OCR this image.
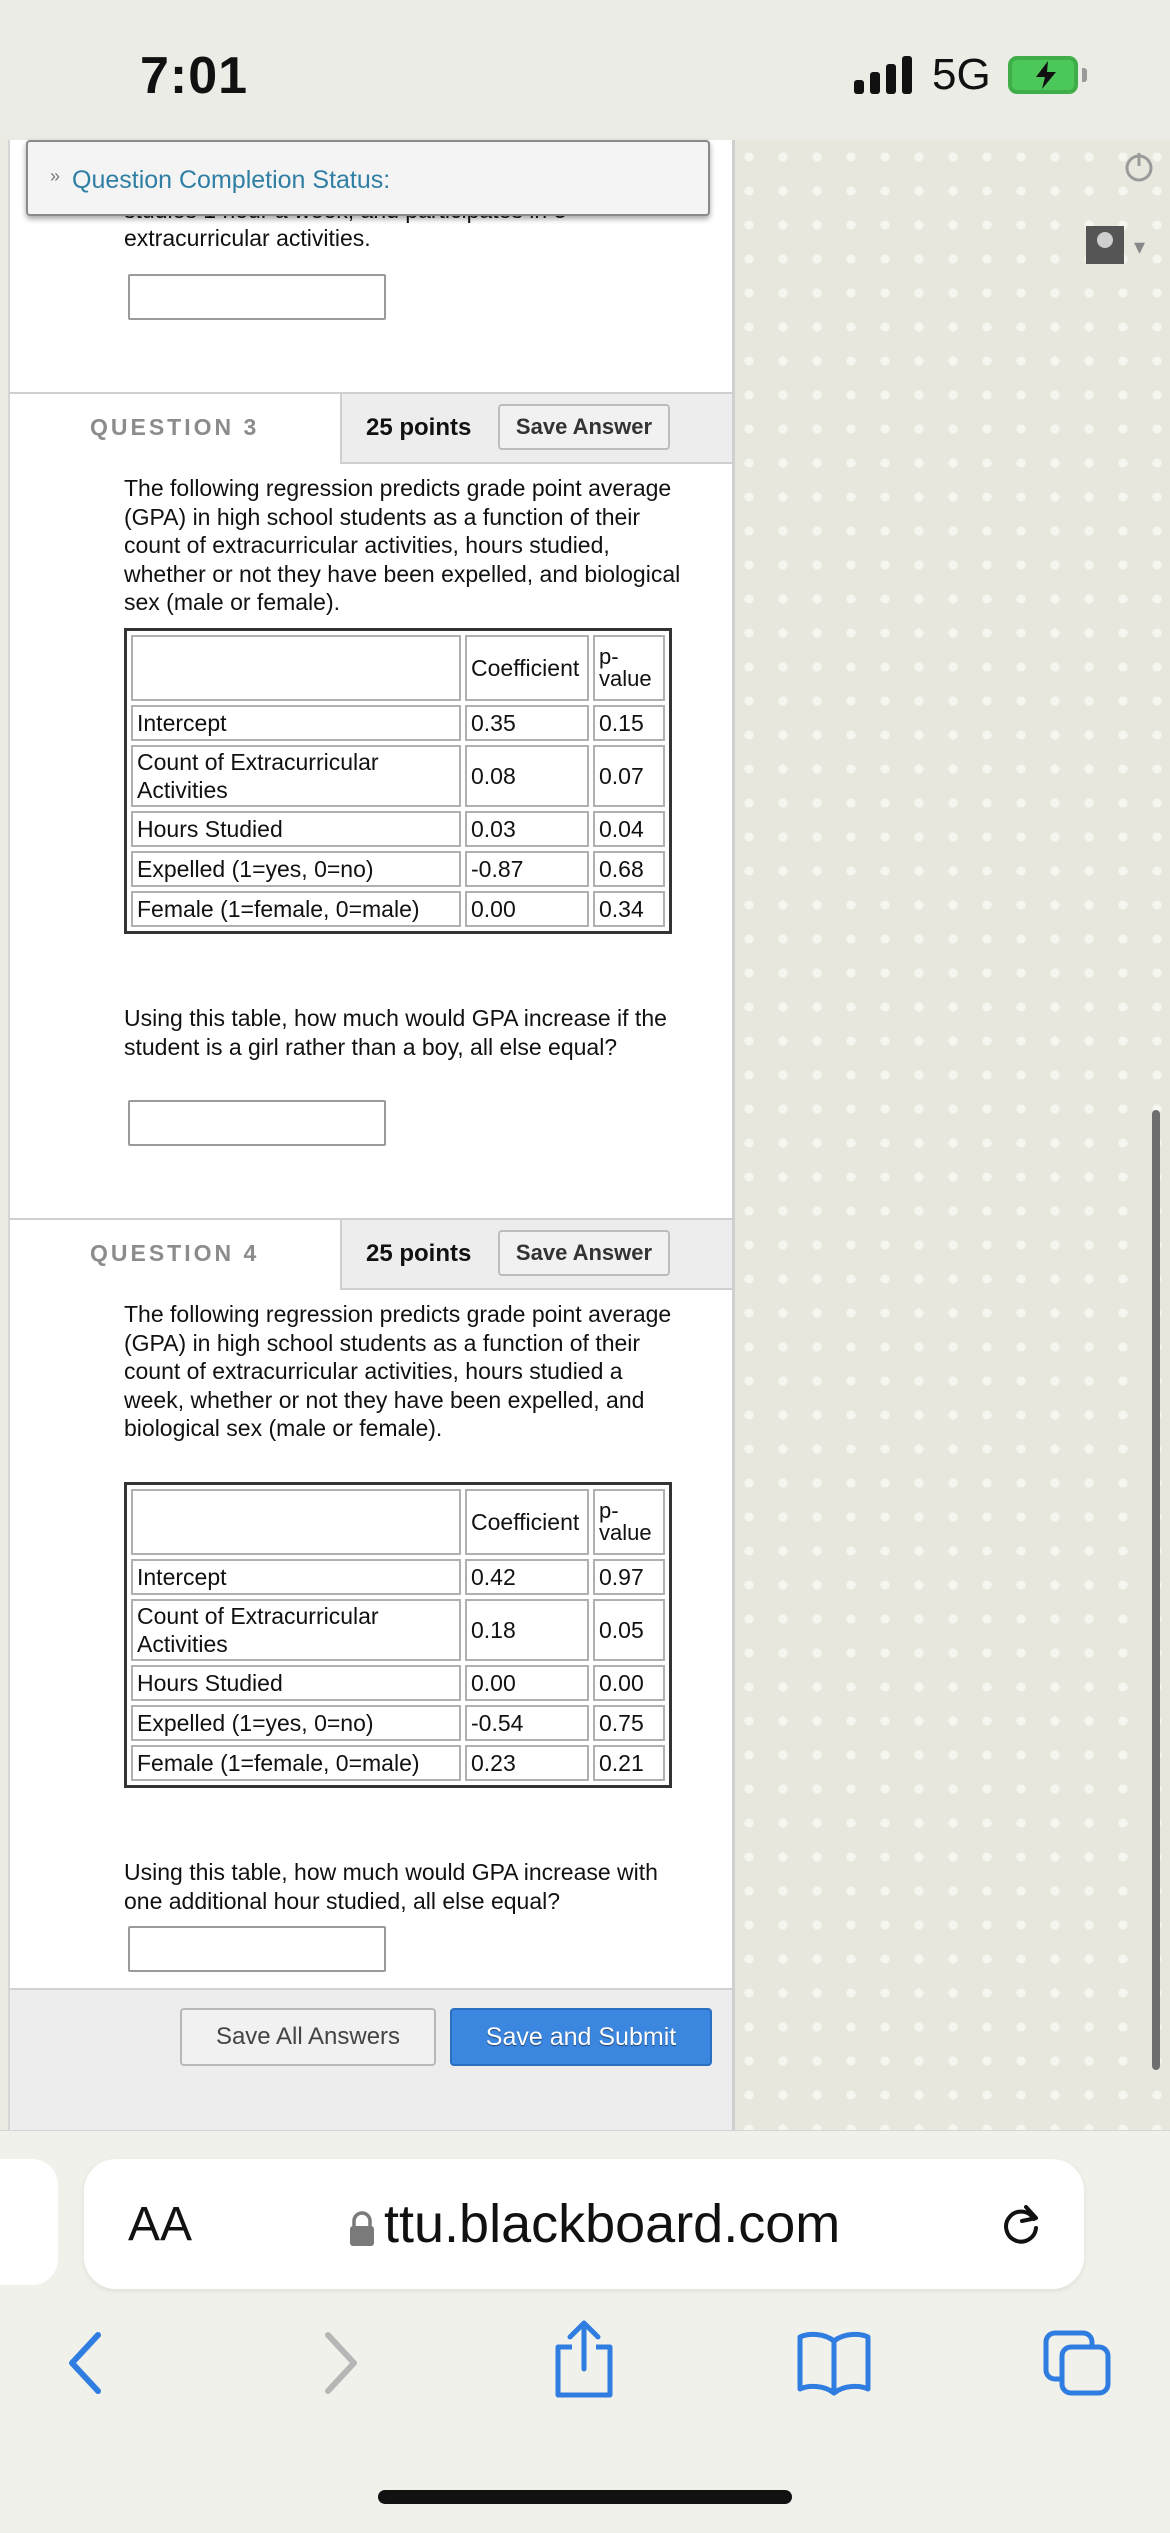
7:01	5G
▾
extracurricular activities.
QUESTION 3	25 points	Save Answer
The following regression predicts grade point average (GPA) in high school students as a function of their count of extracurricular activities, hours studied, whether or not they have been expelled, and biological sex (male or female).
	Coefficient	p-value
Intercept	0.35	0.15
Count of Extracurricular Activities	0.08	0.07
Hours Studied	0.03	0.04
Expelled (1=yes, 0=no)	-0.87	0.68
Female (1=female, 0=male)	0.00	0.34
Using this table, how much would GPA increase if the student is a girl rather than a boy, all else equal?
QUESTION 4	25 points	Save Answer
The following regression predicts grade point average (GPA) in high school students as a function of their count of extracurricular activities, hours studied a week, whether or not they have been expelled, and biological sex (male or female).
	Coefficient	p-value
Intercept	0.42	0.97
Count of Extracurricular Activities	0.18	0.05
Hours Studied	0.00	0.00
Expelled (1=yes, 0=no)	-0.54	0.75
Female (1=female, 0=male)	0.23	0.21
Using this table, how much would GPA increase with one additional hour studied, all else equal?
Save All Answers	Save and Submit
» Question Completion Status:
AA	ttu.blackboard.com
